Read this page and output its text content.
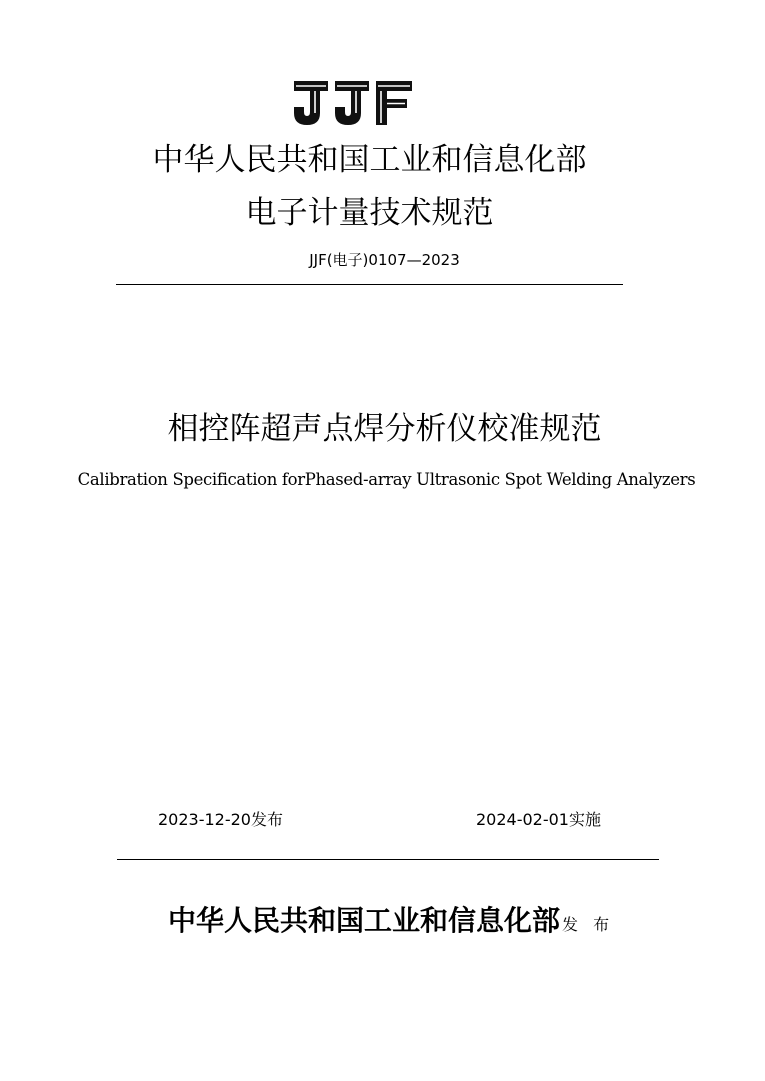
中华人民共和国工业和信息化部
电子计量技术规范
JJF(电子)0107—2023
相控阵超声点焊分析仪校准规范
Calibration Specification forPhased-array Ultrasonic Spot Welding Analyzers
2023-12-20发布	2024-02-01实施
中华人民共和国工业和信息化部 发 布
